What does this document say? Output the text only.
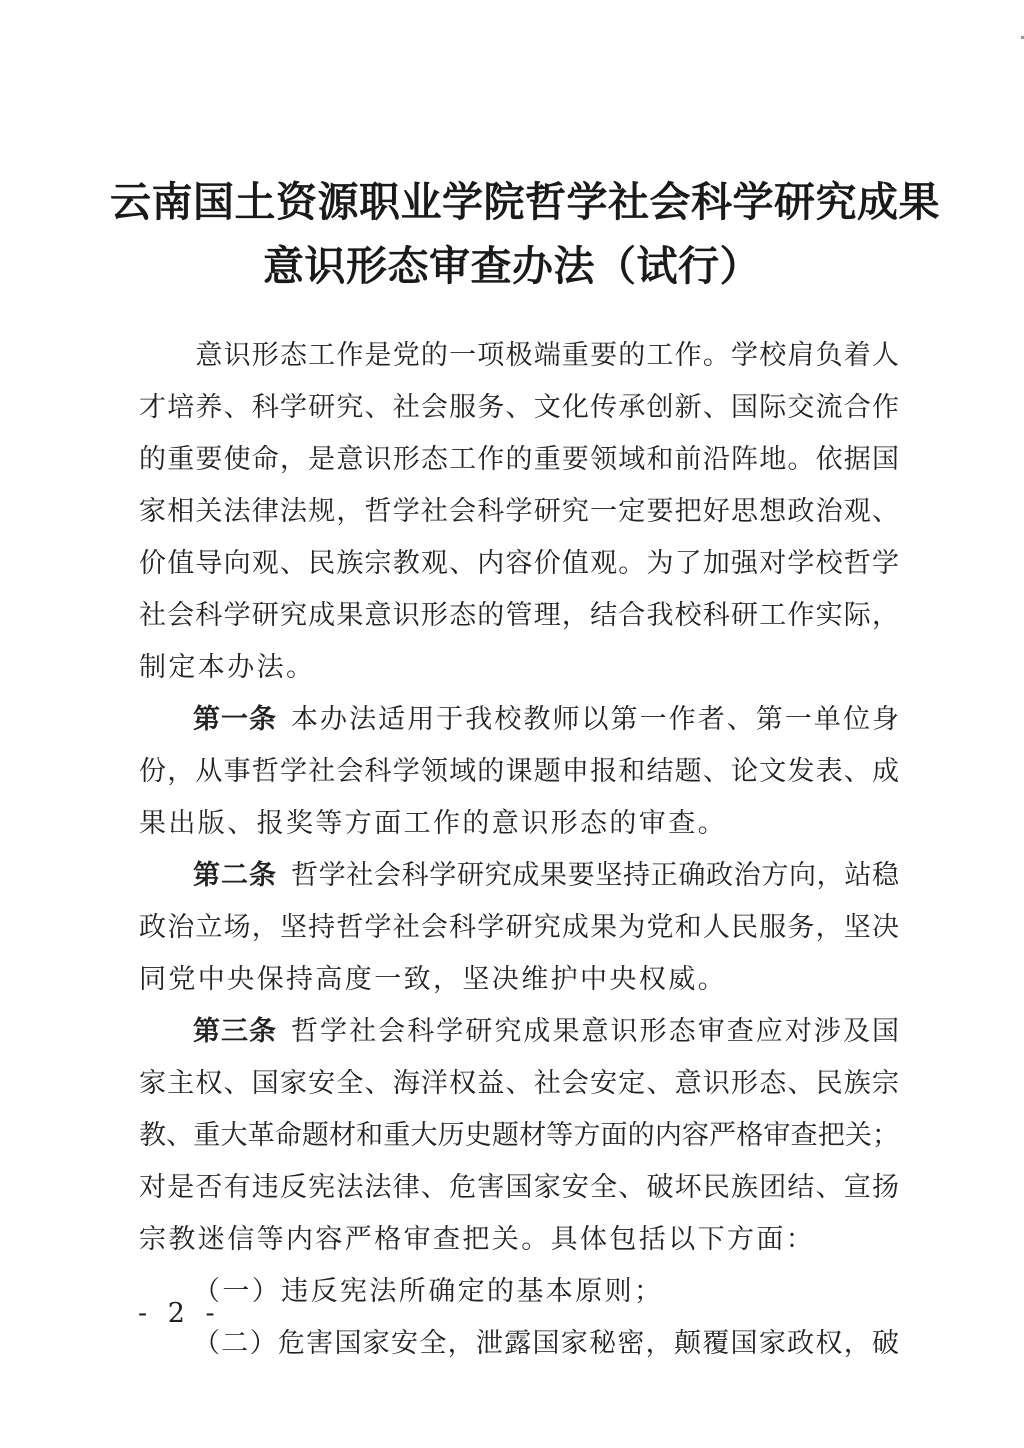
云南国土资源职业学院哲学社会科学研究成果
意识形态审查办法（试行）
　　意识形态工作是党的一项极端重要的工作。学校肩负着人
才培养、科学研究、社会服务、文化传承创新、国际交流合作
的重要使命，是意识形态工作的重要领域和前沿阵地。依据国
家相关法律法规，哲学社会科学研究一定要把好思想政治观、
价值导向观、民族宗教观、内容价值观。为了加强对学校哲学
社会科学研究成果意识形态的管理，结合我校科研工作实际，
制定本办法。
第一条 本办法适用于我校教师以第一作者、第一单位身
份，从事哲学社会科学领域的课题申报和结题、论文发表、成
果出版、报奖等方面工作的意识形态的审查。
第二条 哲学社会科学研究成果要坚持正确政治方向，站稳
政治立场，坚持哲学社会科学研究成果为党和人民服务，坚决
同党中央保持高度一致，坚决维护中央权威。
第三条 哲学社会科学研究成果意识形态审查应对涉及国
家主权、国家安全、海洋权益、社会安定、意识形态、民族宗
教、重大革命题材和重大历史题材等方面的内容严格审查把关；
对是否有违反宪法法律、危害国家安全、破坏民族团结、宣扬
宗教迷信等内容严格审查把关。具体包括以下方面：
（一）违反宪法所确定的基本原则；
（二）危害国家安全，泄露国家秘密，颠覆国家政权，破
- 2 -
